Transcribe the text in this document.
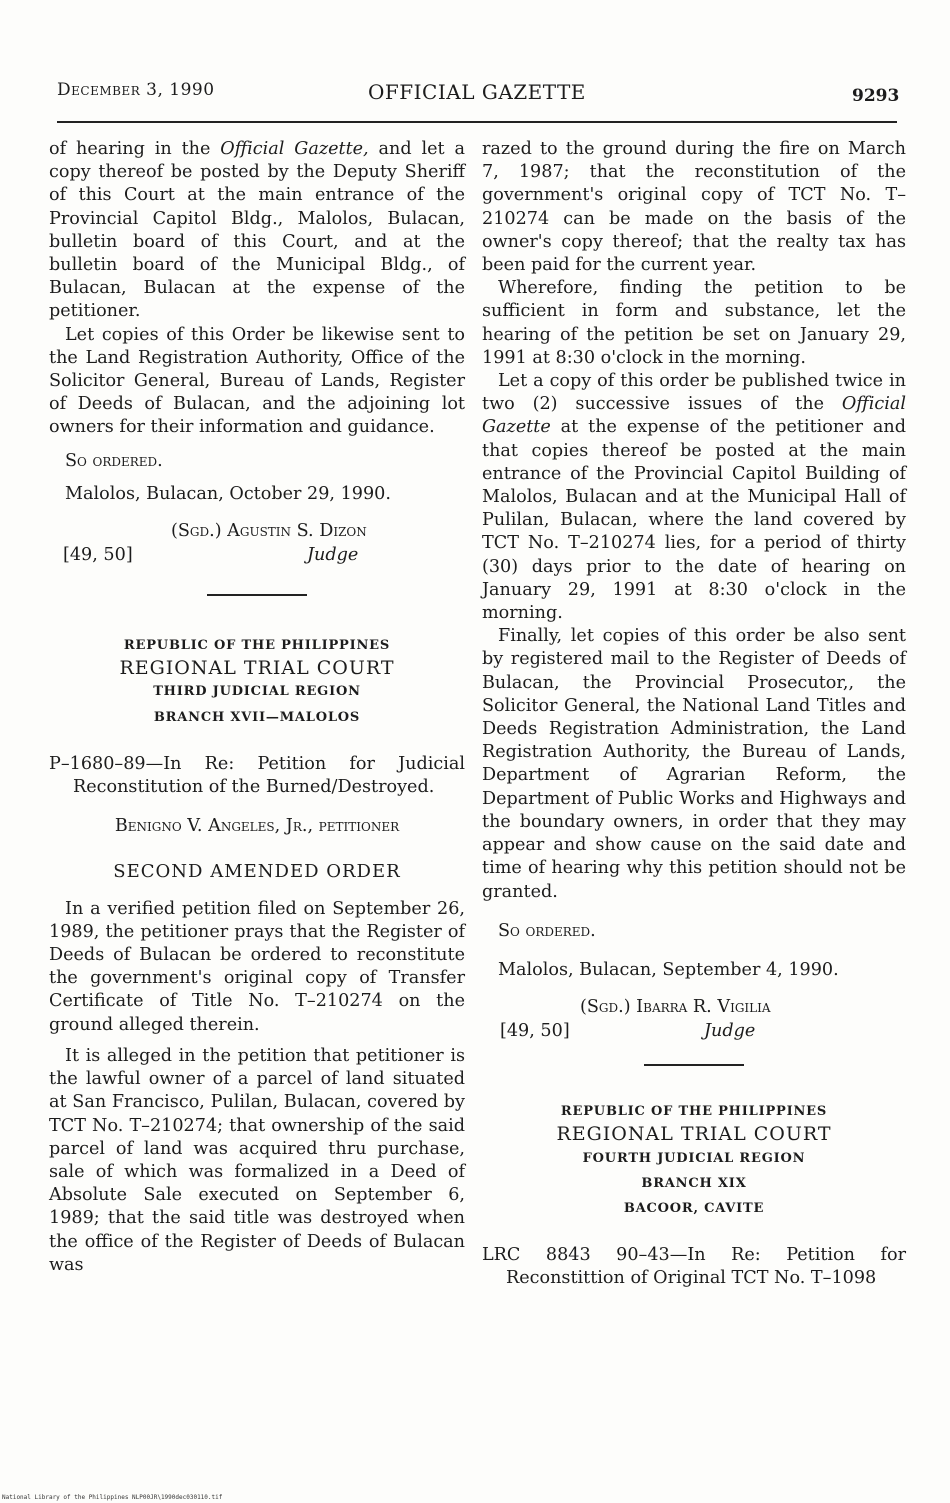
December 3, 1990	OFFICIAL GAZETTE	9293

of hearing in the Official Gazette, and let a copy thereof be posted by the Deputy Sheriff of this Court at the main entrance of the Provincial Capitol Bldg., Malolos, Bulacan, bulletin board of this Court, and at the bulletin board of the Municipal Bldg., of Bulacan, Bulacan at the expense of the petitioner.

Let copies of this Order be likewise sent to the Land Registration Authority, Office of the Solicitor General, Bureau of Lands, Register of Deeds of Bulacan, and the adjoining lot owners for their information and guidance.

So ordered.

Malolos, Bulacan, October 29, 1990.

(Sgd.) Agustin S. Dizon
[49, 50]	Judge
REPUBLIC OF THE PHILIPPINES
REGIONAL TRIAL COURT
THIRD JUDICIAL REGION
BRANCH XVII—MALOLOS

P–1680–89—In Re: Petition for Judicial Reconstitution of the Burned/Destroyed.

Benigno V. Angeles, Jr., petitioner

SECOND AMENDED ORDER

In a verified petition filed on September 26, 1989, the petitioner prays that the Register of Deeds of Bulacan be ordered to reconstitute the government's original copy of Transfer Certificate of Title No. T–210274 on the ground alleged therein.

It is alleged in the petition that petitioner is the lawful owner of a parcel of land situated at San Francisco, Pulilan, Bulacan, covered by TCT No. T–210274; that ownership of the said parcel of land was acquired thru purchase, sale of which was formalized in a Deed of Absolute Sale executed on September 6, 1989; that the said title was destroyed when the office of the Register of Deeds of Bulacan was

razed to the ground during the fire on March 7, 1987; that the reconstitution of the government's original copy of TCT No. T–210274 can be made on the basis of the owner's copy thereof; that the realty tax has been paid for the current year.

Wherefore, finding the petition to be sufficient in form and substance, let the hearing of the petition be set on January 29, 1991 at 8:30 o'clock in the morning.

Let a copy of this order be published twice in two (2) successive issues of the Official Gazette at the expense of the petitioner and that copies thereof be posted at the main entrance of the Provincial Capitol Building of Malolos, Bulacan and at the Municipal Hall of Pulilan, Bulacan, where the land covered by TCT No. T–210274 lies, for a period of thirty (30) days prior to the date of hearing on January 29, 1991 at 8:30 o'clock in the morning.

Finally, let copies of this order be also sent by registered mail to the Register of Deeds of Bulacan, the Provincial Prosecutor,, the Solicitor General, the National Land Titles and Deeds Registration Administration, the Land Registration Authority, the Bureau of Lands, Department of Agrarian Reform, the Department of Public Works and Highways and the boundary owners, in order that they may appear and show cause on the said date and time of hearing why this petition should not be granted.

So ordered.

Malolos, Bulacan, September 4, 1990.

(Sgd.) Ibarra R. Vigilia
[49, 50]	Judge
REPUBLIC OF THE PHILIPPINES
REGIONAL TRIAL COURT
FOURTH JUDICIAL REGION
BRANCH XIX
BACOOR, CAVITE

LRC 8843 90–43—In Re: Petition for Reconstittion of Original TCT No. T–1098

National Library of the Philippines NLP00JR\1990dec030110.tif
